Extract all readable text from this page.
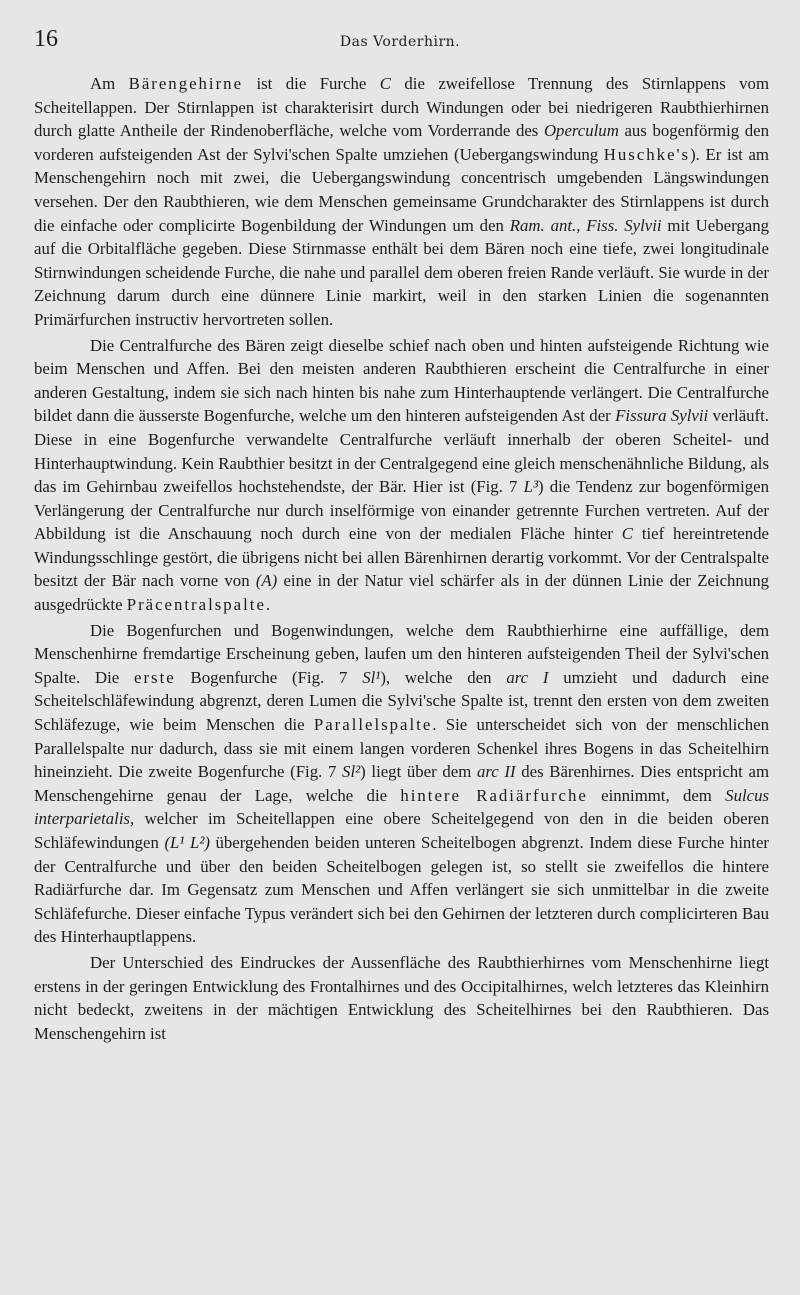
16	Das Vorderhirn.

Am Bärengehirne ist die Furche C die zweifellose Trennung des Stirnlappens vom Scheitellappen. Der Stirnlappen ist charakterisirt durch Windungen oder bei niedrigeren Raubthierhirnen durch glatte Antheile der Rindenoberfläche, welche vom Vorderrande des Operculum aus bogenförmig den vorderen aufsteigenden Ast der Sylvi'schen Spalte umziehen (Uebergangswindung Huschke's). Er ist am Menschengehirn noch mit zwei, die Uebergangswindung concentrisch umgebenden Längswindungen versehen. Der den Raubthieren, wie dem Menschen gemeinsame Grundcharakter des Stirnlappens ist durch die einfache oder complicirte Bogenbildung der Windungen um den Ram. ant., Fiss. Sylvii mit Uebergang auf die Orbitalfläche gegeben. Diese Stirnmasse enthält bei dem Bären noch eine tiefe, zwei longitudinale Stirnwindungen scheidende Furche, die nahe und parallel dem oberen freien Rande verläuft. Sie wurde in der Zeichnung darum durch eine dünnere Linie markirt, weil in den starken Linien die sogenannten Primärfurchen instructiv hervortreten sollen.

Die Centralfurche des Bären zeigt dieselbe schief nach oben und hinten aufsteigende Richtung wie beim Menschen und Affen. Bei den meisten anderen Raubthieren erscheint die Centralfurche in einer anderen Gestaltung, indem sie sich nach hinten bis nahe zum Hinterhauptende verlängert. Die Centralfurche bildet dann die äusserste Bogenfurche, welche um den hinteren aufsteigenden Ast der Fissura Sylvii verläuft. Diese in eine Bogenfurche verwandelte Centralfurche verläuft innerhalb der oberen Scheitel- und Hinterhauptwindung. Kein Raubthier besitzt in der Centralgegend eine gleich menschenähnliche Bildung, als das im Gehirnbau zweifellos hochstehendste, der Bär. Hier ist (Fig. 7 L³) die Tendenz zur bogenförmigen Verlängerung der Centralfurche nur durch inselförmige von einander getrennte Furchen vertreten. Auf der Abbildung ist die Anschauung noch durch eine von der medialen Fläche hinter C tief hereintretende Windungsschlinge gestört, die übrigens nicht bei allen Bärenhirnen derartig vorkommt. Vor der Centralspalte besitzt der Bär nach vorne von (A) eine in der Natur viel schärfer als in der dünnen Linie der Zeichnung ausgedrückte Präcentralspalte.

Die Bogenfurchen und Bogenwindungen, welche dem Raubthierhirne eine auffällige, dem Menschenhirne fremdartige Erscheinung geben, laufen um den hinteren aufsteigenden Theil der Sylvi'schen Spalte. Die erste Bogenfurche (Fig. 7 Sl¹), welche den arc I umzieht und dadurch eine Scheitelschläfewindung abgrenzt, deren Lumen die Sylvi'sche Spalte ist, trennt den ersten von dem zweiten Schläfezuge, wie beim Menschen die Parallelspalte. Sie unterscheidet sich von der menschlichen Parallelspalte nur dadurch, dass sie mit einem langen vorderen Schenkel ihres Bogens in das Scheitelhirn hineinzieht. Die zweite Bogenfurche (Fig. 7 Sl²) liegt über dem arc II des Bärenhirnes. Dies entspricht am Menschengehirne genau der Lage, welche die hintere Radiärfurche einnimmt, dem Sulcus interparietalis, welcher im Scheitellappen eine obere Scheitelgegend von den in die beiden oberen Schläfewindungen (L¹ L²) übergehenden beiden unteren Scheitelbogen abgrenzt. Indem diese Furche hinter der Centralfurche und über den beiden Scheitelbogen gelegen ist, so stellt sie zweifellos die hintere Radiärfurche dar. Im Gegensatz zum Menschen und Affen verlängert sie sich unmittelbar in die zweite Schläfefurche. Dieser einfache Typus verändert sich bei den Gehirnen der letzteren durch complicirteren Bau des Hinterhauptlappens.

Der Unterschied des Eindruckes der Aussenfläche des Raubthierhirnes vom Menschenhirne liegt erstens in der geringen Entwicklung des Frontalhirnes und des Occipitalhirnes, welch letzteres das Kleinhirn nicht bedeckt, zweitens in der mächtigen Entwicklung des Scheitelhirnes bei den Raubthieren. Das Menschengehirn ist
